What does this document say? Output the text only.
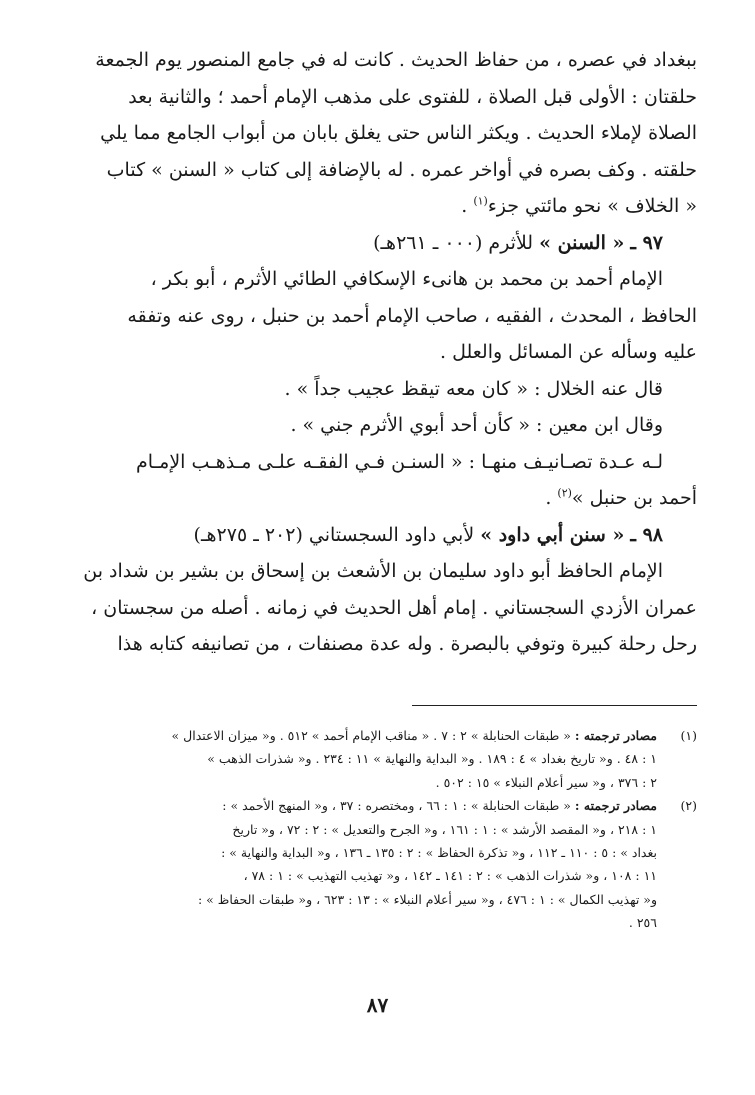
ببغداد في عصره ، من حفاظ الحديث . كانت له في جامع المنصور يوم الجمعة
حلقتان : الأولى قبل الصلاة ، للفتوى على مذهب الإمام أحمد ؛ والثانية بعد
الصلاة لإملاء الحديث . ويكثر الناس حتى يغلق بابان من أبواب الجامع مما يلي
حلقته . وكف بصره في أواخر عمره . له بالإضافة إلى كتاب « السنن » كتاب
« الخلاف » نحو مائتي جزء$^{(١)}$ .

٩٧ ـ « السنن » للأثرم (٠٠٠ ـ ٢٦١هـ)

الإمام أحمد بن محمد بن هانىء الإسكافي الطائي الأثرم ، أبو بكر ،

الحافظ ، المحدث ، الفقيه ، صاحب الإمام أحمد بن حنبل ، روى عنه وتفقه
عليه وسأله عن المسائل والعلل .

قال عنه الخلال : « كان معه تيقظ عجيب جداً » .

وقال ابن معين : « كأن أحد أبوي الأثرم جني » .

لـه عـدة تصـانيـف منهـا : « السنـن فـي الفقـه علـى مـذهـب الإمـام

أحمد بن حنبل »$^{(٢)}$ .

٩٨ ـ « سنن أبي داود » لأبي داود السجستاني (٢٠٢ ـ ٢٧٥هـ)

الإمام الحافظ أبو داود سليمان بن الأشعث بن إسحاق بن بشير بن شداد بن

عمران الأزدي السجستاني . إمام أهل الحديث في زمانه . أصله من سجستان ،
رحل رحلة كبيرة وتوفي بالبصرة . وله عدة مصنفات ، من تصانيفه كتابه هذا

(١)
مصادر ترجمته : « طبقات الحنابلة » ٢ : ٧ . « مناقب الإمام أحمد » ٥١٢ . و« ميزان الاعتدال »
١ : ٤٨ . و« تاريخ بغداد » ٤ : ١٨٩ . و« البداية والنهاية » ١١ : ٢٣٤ . و« شذرات الذهب »
٢ : ٣٧٦ ، و« سير أعلام النبلاء » ١٥ : ٥٠٢ .
(٢)
مصادر ترجمته : « طبقات الحنابلة » : ١ : ٦٦ ، ومختصره : ٣٧ ، و« المنهج الأحمد » :
١ : ٢١٨ ، و« المقصد الأرشد » : ١ : ١٦١ ، و« الجرح والتعديل » : ٢ : ٧٢ ، و« تاريخ
بغداد » : ٥ : ١١٠ ـ ١١٢ ، و« تذكرة الحفاظ » : ٢ : ١٣٥ ـ ١٣٦ ، و« البداية والنهاية » :
١١ : ١٠٨ ، و« شذرات الذهب » : ٢ : ١٤١ ـ ١٤٢ ، و« تهذيب التهذيب » : ١ : ٧٨ ،
و« تهذيب الكمال » : ١ : ٤٧٦ ، و« سير أعلام النبلاء » : ١٣ : ٦٢٣ ، و« طبقات الحفاظ » :
٢٥٦ .
٨٧
